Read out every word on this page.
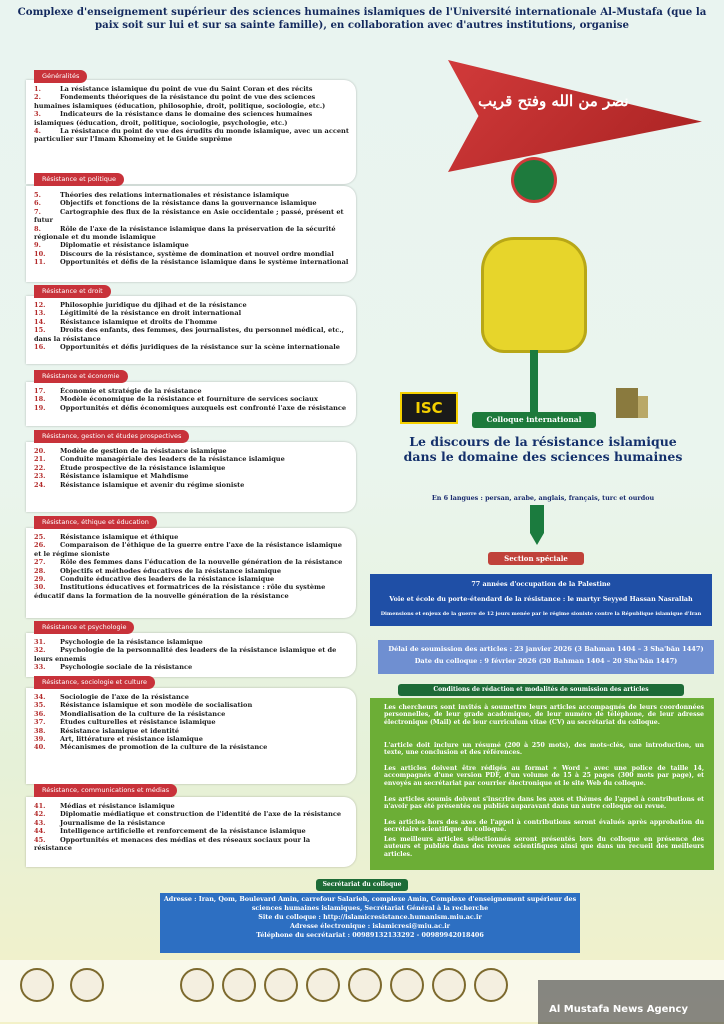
Complexe d'enseignement supérieur des sciences humaines islamiques de l'Université internationale Al-Mustafa (que la paix soit sur lui et sur sa sainte famille), en collaboration avec d'autres institutions, organise
1.	La résistance islamique du point de vue du Saint Coran et des récits
2.	Fondements théoriques de la résistance du point de vue des sciences humaines islamiques (éducation, philosophie, droit, politique, sociologie, etc.)
3.	Indicateurs de la résistance dans le domaine des sciences humaines islamiques (éducation, droit, politique, sociologie, psychologie, etc.)
4.	La résistance du point de vue des érudits du monde islamique, avec un accent particulier sur l'Imam Khomeiny et le Guide suprême
Généralités
5.	Théories des relations internationales et résistance islamique
6.	Objectifs et fonctions de la résistance dans la gouvernance islamique
7.	Cartographie des flux de la résistance en Asie occidentale ; passé, présent et futur
8.	Rôle de l'axe de la résistance islamique dans la préservation de la sécurité régionale et du monde islamique
9.	Diplomatie et résistance islamique
10. Discours de la résistance, système de domination et nouvel ordre mondial
11. Opportunités et défis de la résistance islamique dans le système international
Résistance et politique
12. Philosophie juridique du djihad et de la résistance
13. Légitimité de la résistance en droit international
14. Résistance islamique et droits de l'homme
15. Droits des enfants, des femmes, des journalistes, du personnel médical, etc., dans la résistance
16. Opportunités et défis juridiques de la résistance sur la scène internationale
Résistance et droit
17. Économie et stratégie de la résistance
18. Modèle économique de la résistance et fourniture de services sociaux
19. Opportunités et défis économiques auxquels est confronté l'axe de résistance
Résistance et économie
20. Modèle de gestion de la résistance islamique
21. Conduite managériale des leaders de la résistance islamique
22. Étude prospective de la résistance islamique
23. Résistance islamique et Mahdisme
24. Résistance islamique et avenir du régime sioniste
Résistance, gestion et études prospectives
25. Résistance islamique et éthique
26. Comparaison de l'éthique de la guerre entre l'axe de la résistance islamique et le régime sioniste
27. Rôle des femmes dans l'éducation de la nouvelle génération de la résistance
28. Objectifs et méthodes éducatives de la résistance islamique
29. Conduite éducative des leaders de la résistance islamique
30. Institutions éducatives et formatrices de la résistance : rôle du système éducatif dans la formation de la nouvelle génération de la résistance
Résistance, éthique et éducation
31. Psychologie de la résistance islamique
32. Psychologie de la personnalité des leaders de la résistance islamique et de leurs ennemis
33. Psychologie sociale de la résistance
Résistance et psychologie
34. Sociologie de l'axe de la résistance
35. Résistance islamique et son modèle de socialisation
36. Mondialisation de la culture de la résistance
37. Études culturelles et résistance islamique
38. Résistance islamique et identité
39. Art, littérature et résistance islamique
40. Mécanismes de promotion de la culture de la résistance
Résistance, sociologie et culture
41. Médias et résistance islamique
42. Diplomatie médiatique et construction de l'identité de l'axe de la résistance
43. Journalisme de la résistance
44. Intelligence artificielle et renforcement de la résistance islamique
45. Opportunités et menaces des médias et des réseaux sociaux pour la résistance
Résistance, communications et médias
نصر من الله وفتح قریب
ISC
Colloque international
Le discours de la résistance islamique
dans le domaine des sciences humaines
En 6 langues : persan, arabe, anglais, français, turc et ourdou
Section spéciale
77 années d'occupation de la Palestine
Voie et école du porte-étendard de la résistance : le martyr Seyyed Hassan Nasrallah
Dimensions et enjeux de la guerre de 12 jours menée par le régime sioniste contre la République islamique d'Iran
Délai de soumission des articles : 23 janvier 2026 (3 Bahman 1404 – 3 Sha'bān 1447)
Date du colloque : 9 février 2026 (20 Bahman 1404 – 20 Sha'bān 1447)
Conditions de rédaction et modalités de soumission des articles

Les chercheurs sont invités à soumettre leurs articles accompagnés de leurs coordonnées personnelles, de leur grade académique, de leur numéro de téléphone, de leur adresse électronique (Mail) et de leur curriculum vitae (CV) au secrétariat du colloque.

L'article doit inclure un résumé (200 à 250 mots), des mots-clés, une introduction, un texte, une conclusion et des références.

Les articles doivent être rédigés au format « Word » avec une police de taille 14, accompagnés d'une version PDF, d'un volume de 15 à 25 pages (300 mots par page), et envoyés au secrétariat par courrier électronique et le site Web du colloque.

Les articles soumis doivent s'inscrire dans les axes et thèmes de l'appel à contributions et n'avoir pas été présentés ou publiés auparavant dans un autre colloque ou revue.

Les articles hors des axes de l'appel à contributions seront évalués après approbation du secrétaire scientifique du colloque.

Les meilleurs articles sélectionnés seront présentés lors du colloque en présence des auteurs et publiés dans des revues scientifiques ainsi que dans un recueil des meilleurs articles.

Secrétariat du colloque
Adresse : Iran, Qom, Boulevard Amin, carrefour Salarieh, complexe Amin, Complexe d'enseignement supérieur des sciences humaines islamiques, Secrétariat Général à la recherche
Site du colloque : http://islamicresistance.humanism.miu.ac.ir
Adresse électronique : islamicresi@miu.ac.ir
Téléphone du secrétariat : 00989132133292 - 00989942018406
Al Mustafa News Agency
